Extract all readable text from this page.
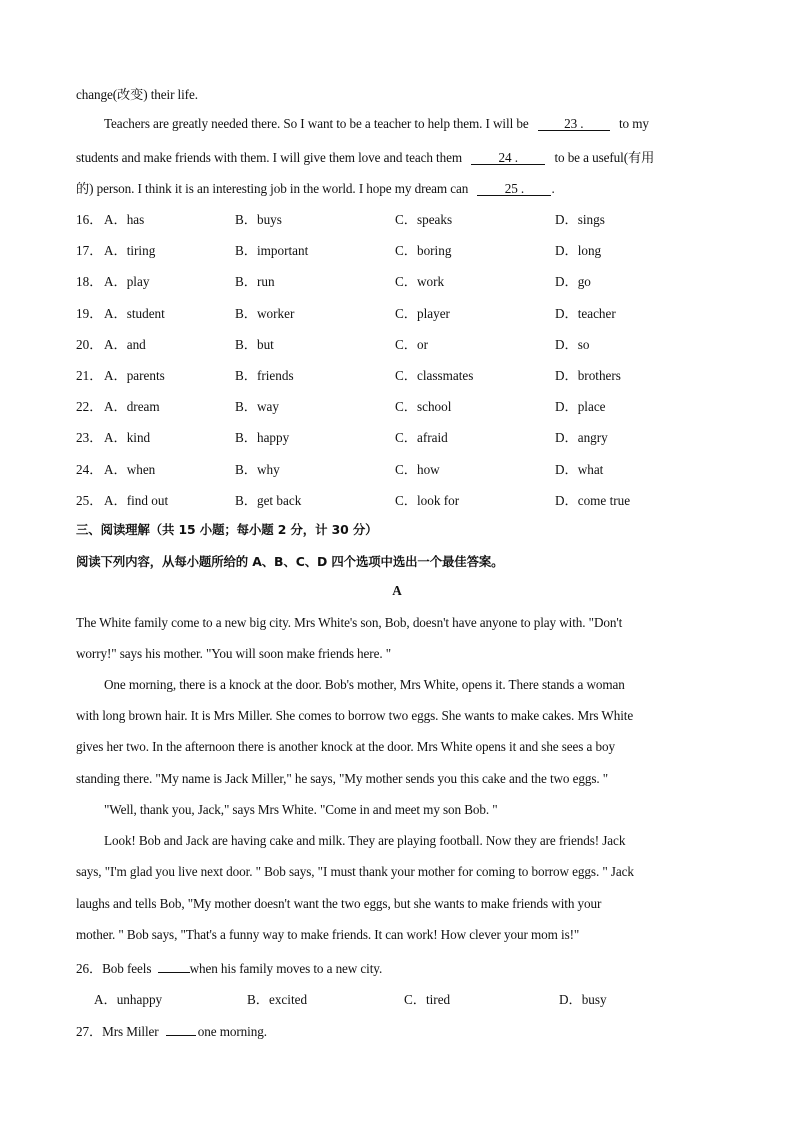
change(改变) their life.
Teachers are greatly needed there. So I want to be a teacher to help them. I will be	23 .	to my
students and make friends with them. I will give them love and teach them	24 .	to be a useful(有用
的) person. I think it is an interesting job in the world. I hope my dream can	25 . .
16． A．has	B．buys	C．speaks	D．sings
17． A．tiring	B．important	C．boring	D．long
18． A．play	B．run	C．work	D．go
19． A．student	B．worker	C．player	D．teacher
20． A．and	B．but	C．or	D．so
21． A．parents	B．friends	C．classmates	D．brothers
22． A．dream	B．way	C．school	D．place
23． A．kind	B．happy	C．afraid	D．angry
24． A．when	B．why	C．how	D．what
25． A．find out	B．get back	C．look for	D．come true
三、阅读理解（共 15 小题；每小题 2 分，计 30 分）
阅读下列内容，从每小题所给的 A、B、C、D 四个选项中选出一个最佳答案。
A
The White family come to a new big city. Mrs White's son, Bob, doesn't have anyone to play with. "Don't
worry!" says his mother. "You will soon make friends here. "
One morning, there is a knock at the door. Bob's mother, Mrs White, opens it. There stands a woman
with long brown hair. It is Mrs Miller. She comes to borrow two eggs. She wants to make cakes. Mrs White
gives her two. In the afternoon there is another knock at the door. Mrs White opens it and she sees a boy
standing there. "My name is Jack Miller," he says, "My mother sends you this cake and the two eggs. "
"Well, thank you, Jack," says Mrs White. "Come in and meet my son Bob. "
Look! Bob and Jack are having cake and milk. They are playing football. Now they are friends! Jack
says, "I'm glad you live next door. " Bob says, "I must thank your mother for coming to borrow eggs. " Jack
laughs and tells Bob, "My mother doesn't want the two eggs, but she wants to make friends with your
mother. " Bob says, "That's a funny way to make friends. It can work! How clever your mom is!"
26．Bob feels	when his family moves to a new city.
A．unhappy	B．excited	C．tired	D．busy
27．Mrs Miller	one morning.
